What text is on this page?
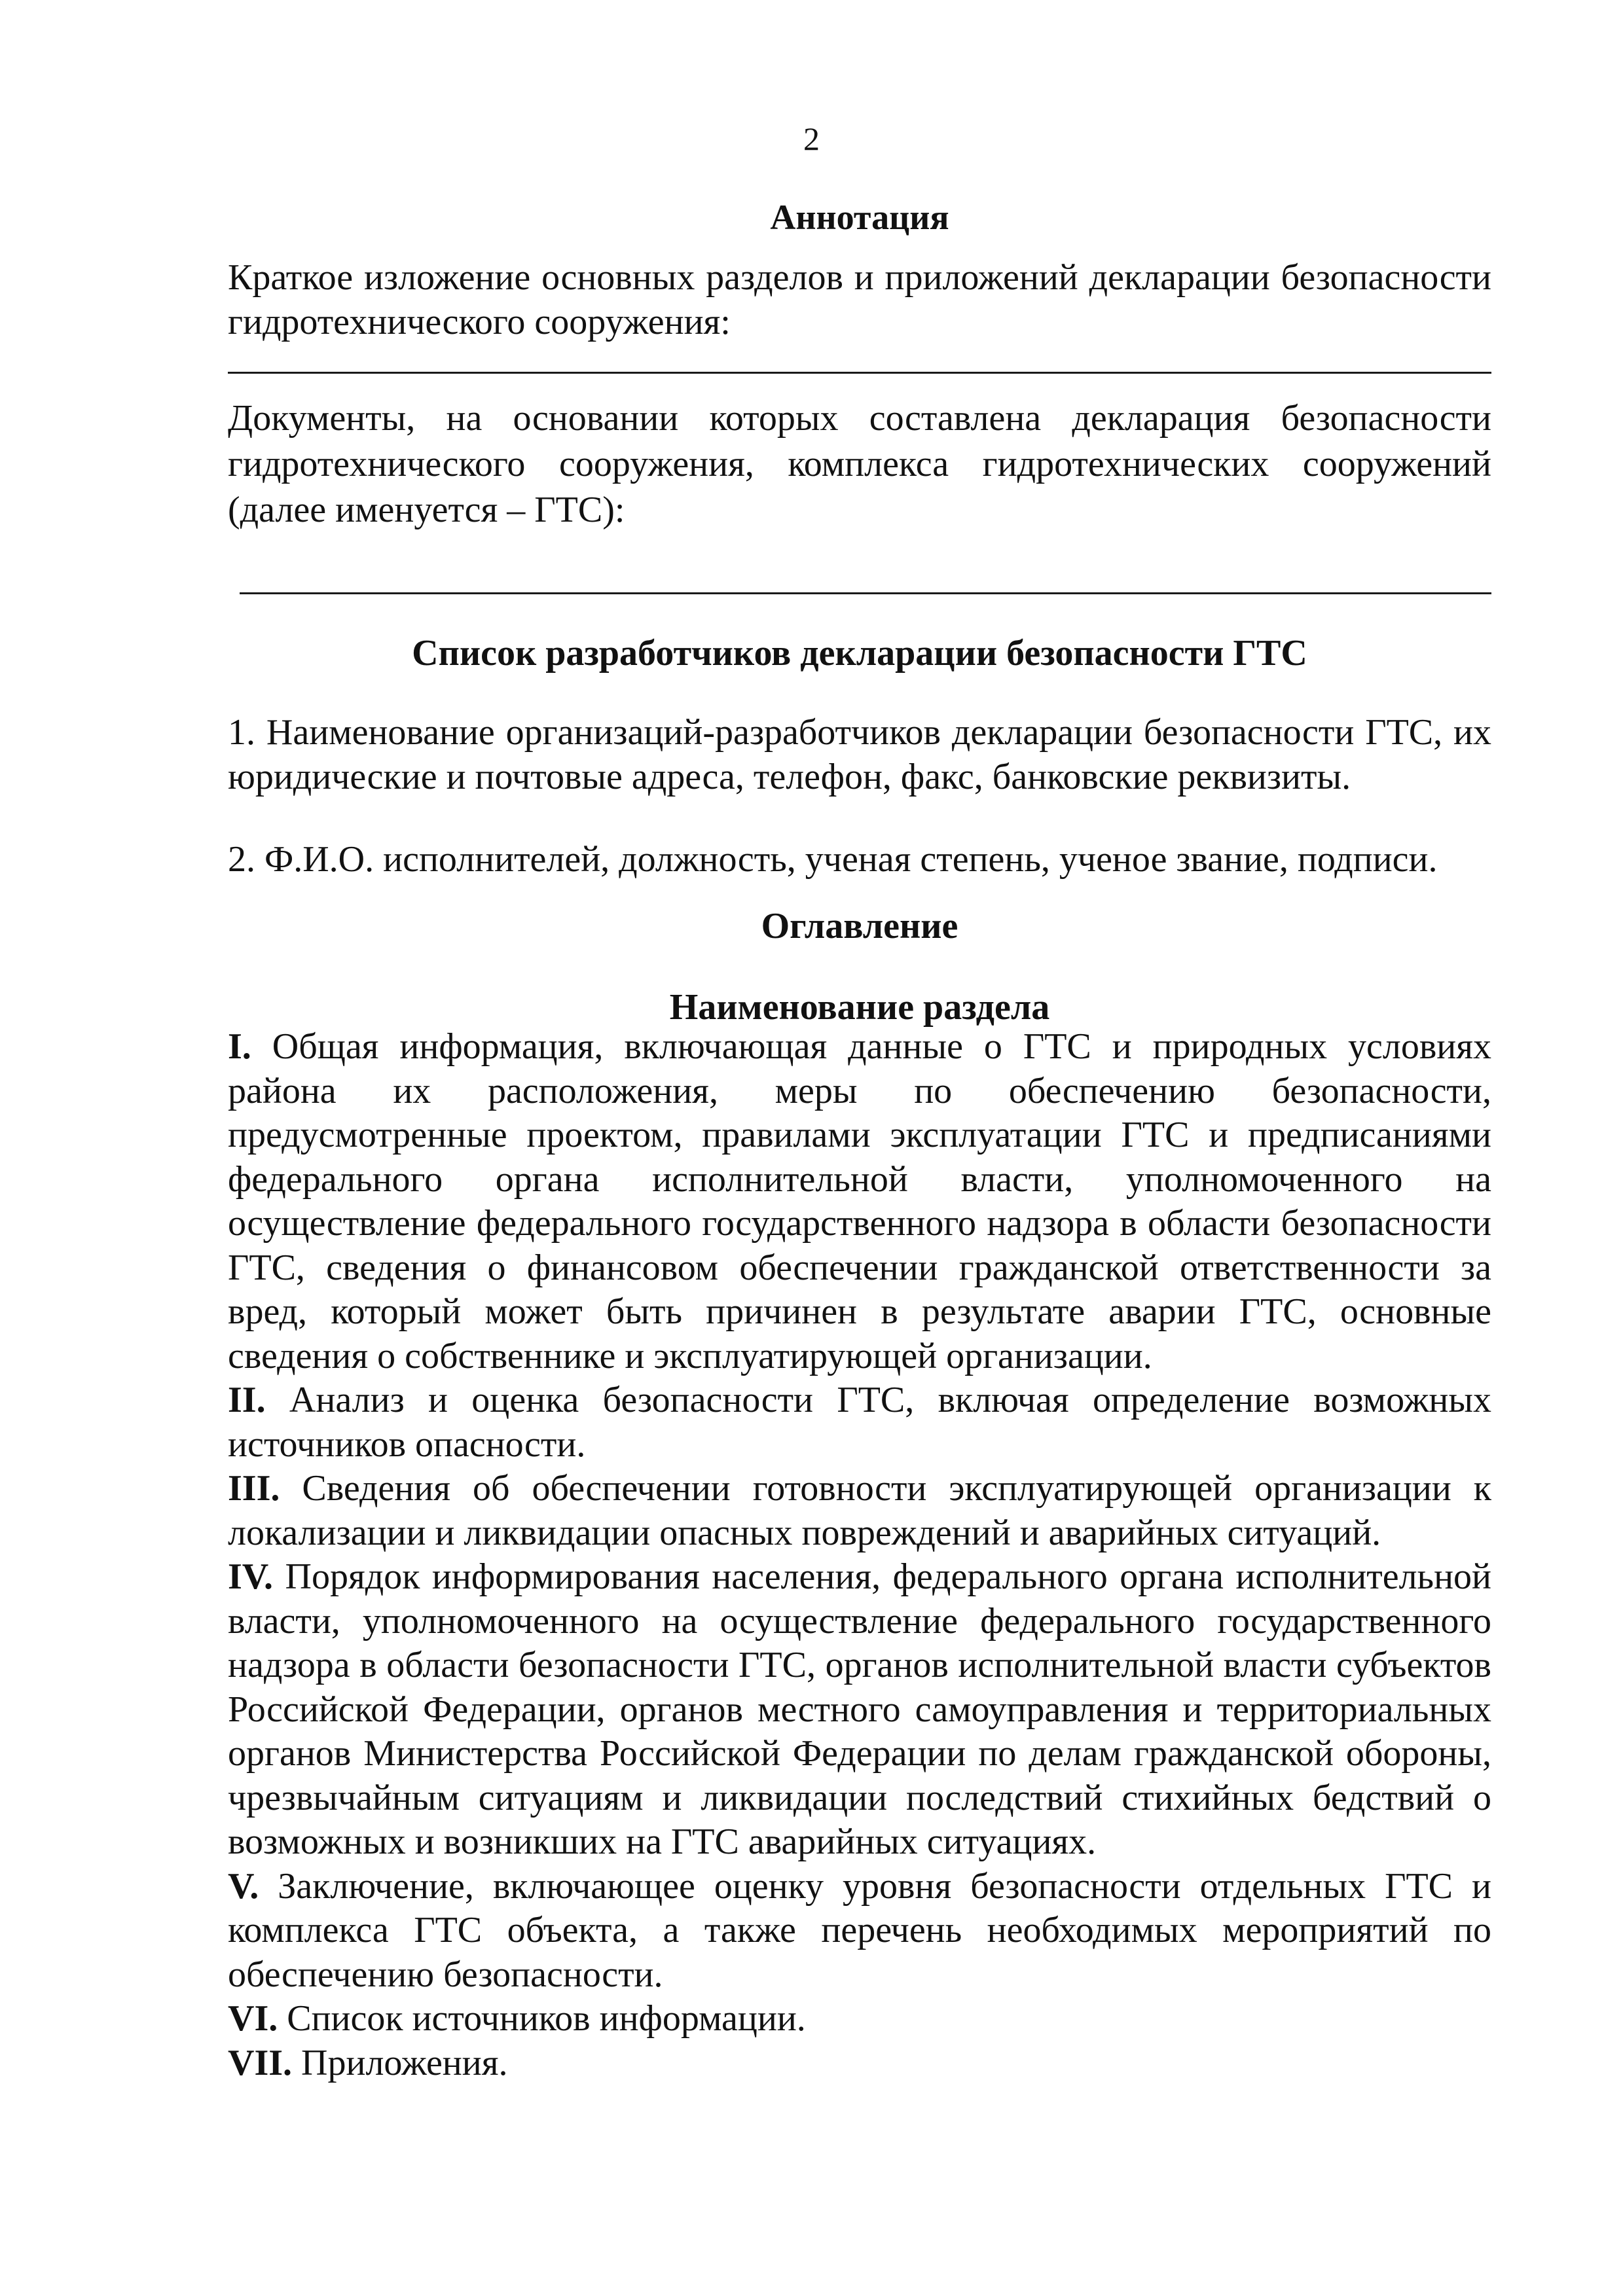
2
Аннотация

Краткое изложение основных разделов и приложений декларации безопасности гидротехнического сооружения:

Документы, на основании которых составлена декларация безопасности гидротехнического сооружения, комплекса гидротехнических сооружений (далее именуется – ГТС):

Список разработчиков декларации безопасности ГТС

1. Наименование организаций-разработчиков декларации безопасности ГТС, их юридические и почтовые адреса, телефон, факс, банковские реквизиты.

2. Ф.И.О. исполнителей, должность, ученая степень, ученое звание, подписи.

Оглавление
Наименование раздела

I. Общая информация, включающая данные о ГТС и природных условиях района их расположения, меры по обеспечению безопасности, предусмотренные проектом, правилами эксплуатации ГТС и предписаниями федерального органа исполнительной власти, уполномоченного на осуществление федерального государственного надзора в области безопасности ГТС, сведения о финансовом обеспечении гражданской ответственности за вред, который может быть причинен в результате аварии ГТС, основные сведения о собственнике и эксплуатирующей организации.

II. Анализ и оценка безопасности ГТС, включая определение возможных источников опасности.

III. Сведения об обеспечении готовности эксплуатирующей организации к локализации и ликвидации опасных повреждений и аварийных ситуаций.

IV. Порядок информирования населения, федерального органа исполнительной власти, уполномоченного на осуществление федерального государственного надзора в области безопасности ГТС, органов исполнительной власти субъектов Российской Федерации, органов местного самоуправления и территориальных органов Министерства Российской Федерации по делам гражданской обороны, чрезвычайным ситуациям и ликвидации последствий стихийных бедствий о возможных и возникших на ГТС аварийных ситуациях.

V. Заключение, включающее оценку уровня безопасности отдельных ГТС и комплекса ГТС объекта, а также перечень необходимых мероприятий по обеспечению безопасности.

VI. Список источников информации.

VII. Приложения.
